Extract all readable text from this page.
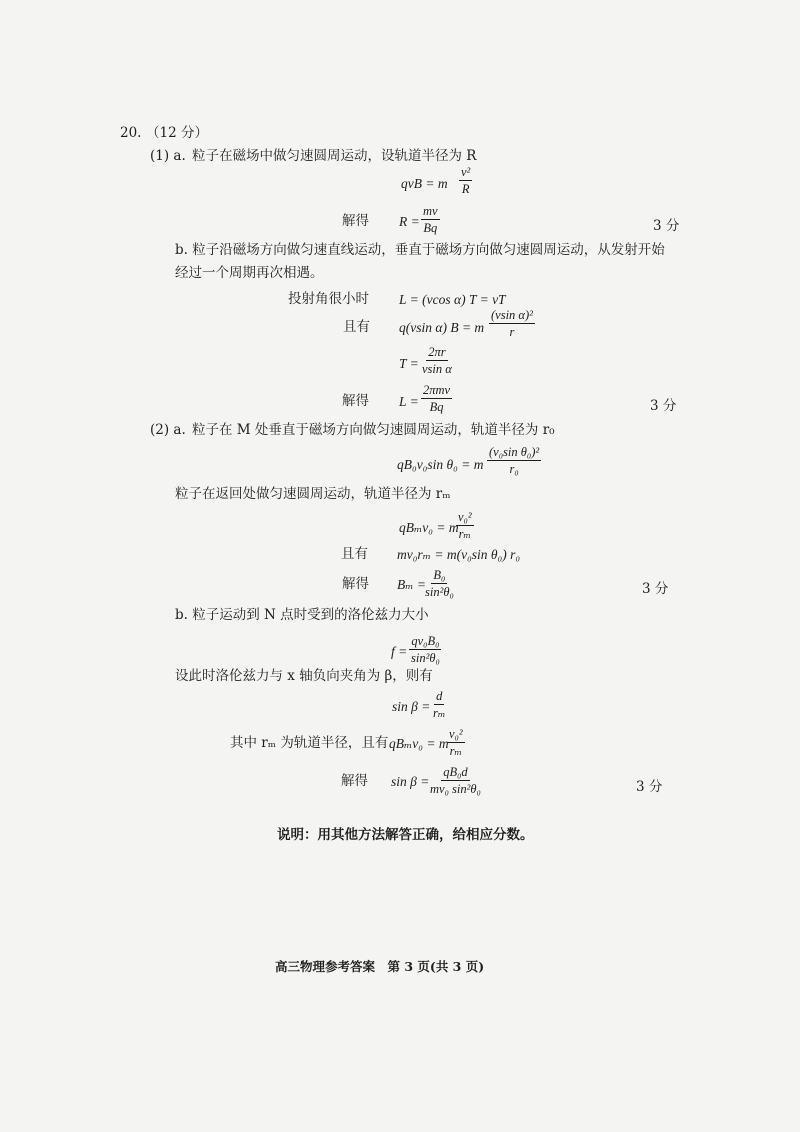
20. （12 分）
(1) a. 粒子在磁场中做匀速圆周运动，设轨道半径为 R
qvB = m $\frac{\text{v²}}{R}$
解得 $R = \frac{mv}{Bq}$	3 分
b. 粒子沿磁场方向做匀速直线运动，垂直于磁场方向做匀速圆周运动，从发射开始
经过一个周期再次相遇。
投射角很小时 L = (vcos α) T = vT
且有 q(vsin α) B = m $\frac{\text{(vsin α)²}}{r}$
$T = \frac{2\pi r}{\text{vsin α}}$
解得 L =
2πmv
Bq	3 分
(2) a. 粒子在 M 处垂直于磁场方向做匀速圆周运动，轨道半径为 r₀
qB₀v₀sin θ₀ = m $\frac{\text{(v₀sin θ₀)²}}{\text{r₀}}$
粒子在返回处做匀速圆周运动，轨道半径为 rₘ
qBₘv₀ = m
$\frac{\text{v₀²}}{\text{rₘ}}$
且有 mv₀rₘ = m(v₀sin θ₀) r₀
解得 Bₘ =
$\frac{\text{B₀}}{\text{sin²θ₀}}$	3 分
b. 粒子运动到 N 点时受到的洛伦兹力大小
$f = \frac{\text{qv₀B₀}}{\text{sin²θ₀}}$
设此时洛伦兹力与 x 轴负向夹角为 β，则有
$\sin \beta = \frac{d}{\text{rₘ}}$
其中 rₘ 为轨道半径，且有 qBₘv₀ = m
$\frac{\text{v₀²}}{\text{rₘ}}$
解得 sin β =
$\frac{\text{qB₀d}}{\text{mv₀ sin²θ₀}}$	3 分
说明：用其他方法解答正确，给相应分数。
高三物理参考答案　第 3 页(共 3 页)
